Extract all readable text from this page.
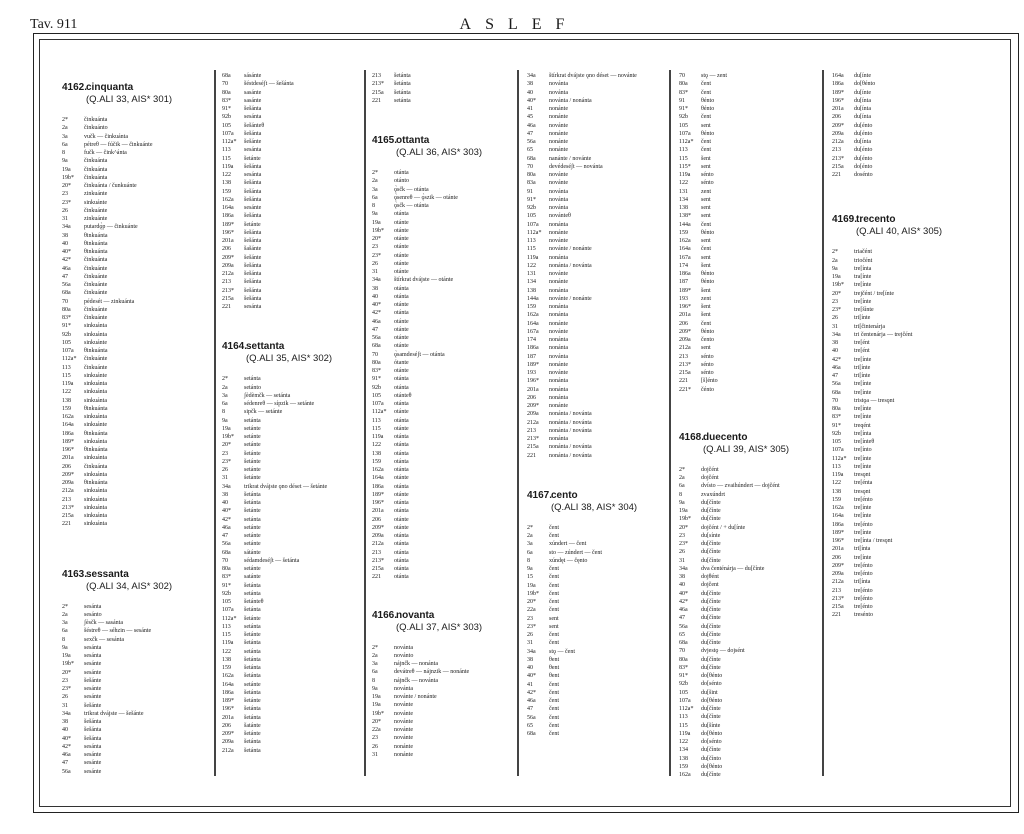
Tav. 911	ASLEF
4162.cinquanta
(Q.ALI 33, AIS* 301)
2*	činkuánta
2a	činkuánto
3a	vučk — činkuánta
6a	pétreθ — fúčik — činkuánte
8	fučk — čink^ánta
9a	činkuánta
19a	činkuánta
19b*	činkuánta
20*	činkuánta / čunkuánte
23	zinkuánte
23*	sinkuánte
26	činkuánte
31	zinkuánte
34a	putardǫ̀p — činkuánte
38	θinkuánta
40	θinkuánta
40*	θinkuánta
42*	činkuánta
46a	činkuánte
47	činkuánte
56a	činkuánte
68a	činkuánte
70	pédesét — zinkuánta
80a	činkuánte
83*	činkuánte
91*	sinkuánta
92b	sinkuánta
105	sinkuánte
107a	θinkuánta
112a*	činkuánte
113	činkuánte
115	sinkuánte
119a	sinkuánta
122	sinkuánta
138	sinkuánta
159	θinkuánta
162a	sinkuánta
164a	sinkuánte
186a	θinkuánta
189*	sinkuánta
196*	θinkuánta
201a	sinkuánta
206	činkuánta
209*	sinkuánta
209a	θinkuánta
212a	sinkuánta
213	sinkuánta
213*	sinkuánta
215a	sinkuánta
221	sinkuánta
4163.sessanta
(Q.ALI 34, AIS* 302)
2*	sesánta
2a	sesánto
3a	ʃèsčk — sasánta
6a	šéstreθ — séhzin — sesánte
8	sexčk — sesánta
9a	sesánta
19a	sesánta
19b*	sesánte
20*	sesánte
23	šešánte
23*	sesánte
26	sesánte
31	šešánte
34a	trikrat dvájste — šešánte
38	šešánta
40	šešánta
40*	šešánta
42*	sesánta
46a	sesánte
47	sesánte
56a	sesánte
68a	sásánte
70	šéstdeséʃt — šešánta
80a	sasánte
83*	sasánte
91*	šešánta
92b	sesánta
105	šešánteθ
107a	šešánta
112a*	šešánte
113	sesánta
115	šetánte
119a	šešánta
122	sesánta
138	šešánta
159	šešánta
162a	šešánta
164a	sesánte
186a	šešánta
189*	šetánte
196*	šešánta
201a	šešánta
206	šašánte
209*	šešánte
209a	šešánta
212a	šešánta
213	šešánta
213*	šešánta
215a	šešánta
221	sesánta
4164.settanta
(Q.ALI 35, AIS* 302)
2*	setánta
2a	setánto
3a	ʃèdèmčk — setánta
6a	sédenreθ — sípzik — setánte
8	sipčk — setánte
9a	setánta
19a	setánte
19b*	setánte
20*	setánte
23	šetánte
23*	šetánte
26	setánte
31	šetánte
34a	trikrat dvájste ǫno déset — šetánte
38	šetánta
40	šetánta
40*	šetánte
42*	setánta
46a	setánte
47	setánte
56a	setánte
68a	sátánte
70	sédamdeséʃt — šetánta
80a	setánte
83*	satánte
91*	šetánta
92b	setánta
105	šetánteθ
107a	šetánta
112a*	šetánte
113	setánta
115	šetánte
119a	šetánta
122	setánta
138	šetánta
159	šetánta
162a	šetánta
164a	setánte
186a	šetánta
189*	šetánte
196*	šetánta
201a	šetánta
206	šatánte
209*	šetánte
209a	šetánta
212a	šetánta
213	šetánta
213*	šetánta
215a	šetánta
221	setánta
4165.ottanta
(Q.ALI 36, AIS* 303)
2*	otánta
2a	otánto
3a	ǫ̀sčk — otánta
6a	ǫ̀senreθ — ǫ̀szik — otánte
8	ǫ̀sčk — otánta
9a	otánta
19a	otánte
19b*	otánte
20*	otánte
23	otánte
23*	otánte
26	otánte
31	otánte
34a	štírkrat dvájste — otánte
38	otánta
40	otánta
40*	otánte
42*	otánta
46a	otánte
47	otánte
56a	otánte
68a	otánte
70	ǫ̀samdeséʃt — otánta
80a	ótante
83*	otánte
91*	otánta
92b	otánta
105	otánteθ
107a	otánta
112a*	otánte
113	otánta
115	otánte
119a	otánta
122	otánta
138	otánta
159	otánta
162a	otánta
164a	otánte
186a	otánta
189*	otánte
196*	otánta
201a	otánta
206	otánte
209*	otánte
209a	otánta
212a	otánta
213	otánta
213*	otánta
215a	otánta
221	otánta
4166.novanta
(Q.ALI 37, AIS* 303)
2*	novánta
2a	novánto
3a	nájnčk — nonánta
6a	devátreθ — nájnzik — nonánte
8	nájnčk — novánta
9a	novánta
19a	novánte / nonánte
19a	novánte
19b*	novánte
20*	novánte
22a	novánte
23	novánte
26	nonánte
31	nonánte
34a	štírkrat dvájste ǫno déset — novánte
38	novánta
40	novánta
40*	novánta / nonánta
41	nonánte
45	nonánte
46a	novánte
47	nonánte
56a	nonánte
65	nonánte
68a	nanánte / novánte
70	devédeséʃt — novánta
80a	novánte
83a	novánte
91	novánta
91*	novánta
92b	novánta
105	novánteθ
107a	nonánta
112a*	nonánte
113	novánte
115	novánte / nonánte
119a	nonánta
122	nonánta / novánta
131	novánte
134	nonánte
138	nonánta
144a	novánte / nonánte
159	nonánta
162a	nonánta
164a	nonánte
167a	novánte
174	nonánta
186a	nonánta
187	novánta
189*	nonánte
193	novánte
196*	nonánta
201a	nonánta
206	nonánta
209*	nonánte
209a	nonánta / novánta
212a	nonánta / novánta
213	nonánta / novánta
213*	nonánta
215a	nonánta / novánta
221	nonánta / novánta
4167.cento
(Q.ALI 38, AIS* 304)
2*	čent
2a	čent
3a	xúndert — čent
6a	sto — zúndert — čent
8	xúndęt — čęnto
9a	čent
15	čent
19a	čent
19b*	čent
20*	čent
22a	čent
23	sent
23*	sent
26	čent
31	čent
34a	stǫ — čent
38	θent
40	θent
40*	θent
41	čent
42*	čent
46a	čent
47	čent
56a	čent
65	čent
68a	čent
70	stǫ — zent
80a	čent
83*	čent
91	θénto
91*	θénto
92b	čent
105	sent
107a	θénto
112a*	čent
113	čent
115	šent
115*	sent
119a	sénto
122	sénto
131	zent
134	sent
138	sent
138*	sent
144a	čent
159	θénto
162a	sent
164a	čent
167a	sent
174	šent
186a	θénto
187	θénto
189*	šent
193	zent
196*	šent
201a	šent
206	čent
209*	θénto
209a	čento
212a	sent
213	sénto
213*	sénto
215a	sénto
221	[š]énto
221*	čénto
4168.duecento
(Q.ALI 39, AIS* 305)
2*	dojčént
2a	dojčént
6a	dvísto — zvaihúndert — dojčént
8	zvaxúndrt
9a	du[čínte
19a	du[čínte
19b*	du[čínte
20*	dojčént / + du[ínte
23	du[sínte
23*	du[čínte
26	du[čínte
31	du[čínte
34a	dva čenténárja — du[čínte
38	dojθént
40	dojčent
40*	du[čínte
42*	du[čínte
46a	du[čínte
47	du[čínte
56a	du[čínte
65	du[čínte
68a	du[čínte
70	dvjestǫ — dojsént
80a	du[čínte
83*	du[čínte
91*	do[θénto
92b	do[sénto
105	du[šint
107a	do[θénto
112a*	du[čínte
113	du[čínte
115	du[šínte
119a	do[θénto
122	do[sénto
134	du[čínte
138	du[čínto
159	do[θénto
162a	du[čínte
164a	du[ínte
186a	do[θénto
189*	du[ínte
196*	du[ínta
201a	du[ínta
206	du[ínta
209*	du[énto
209a	du[énto
212a	du[ínta
213	du[énto
213*	du[énto
215a	do[énto
221	dosénto
4169.trecento
(Q.ALI 40, AIS* 305)
2*	triačént
2a	triočént
9a	tre[ínta
19a	tra[ínte
19b*	tre[ínte
20*	trejčént / tre[ínte
23	tre[ínte
23*	tre[šínte
26	tri[ínte
31	tri[čintenárja
34a	tri čentenárja — trejčént
38	tre[ént
40	tre[ént
42*	tre[ínte
46a	tri[ínte
47	tri[ínte
56a	tre[ínte
68a	tre[ínte
70	tristǫa — tresǫnt
80a	tre[ínte
83*	tre[ínte
91*	treqént
92b	tre[ínta
105	tre[ínteθ
107a	tre[ínto
112a*	tre[ínte
113	tre[ínte
119a	tresǫnt
122	tre[énta
138	tresǫnt
159	tre[énto
162a	tre[ínte
164a	tre[ínte
186a	tre[énto
189*	tre[ínte
196*	tre[ínta / tresǫnt
201a	tri[ínta
206	tre[ínte
209*	tre[énto
209a	tre[énto
212a	tri[ínta
213	tre[énto
213*	tre[énto
215a	tre[énto
221	tresénto
